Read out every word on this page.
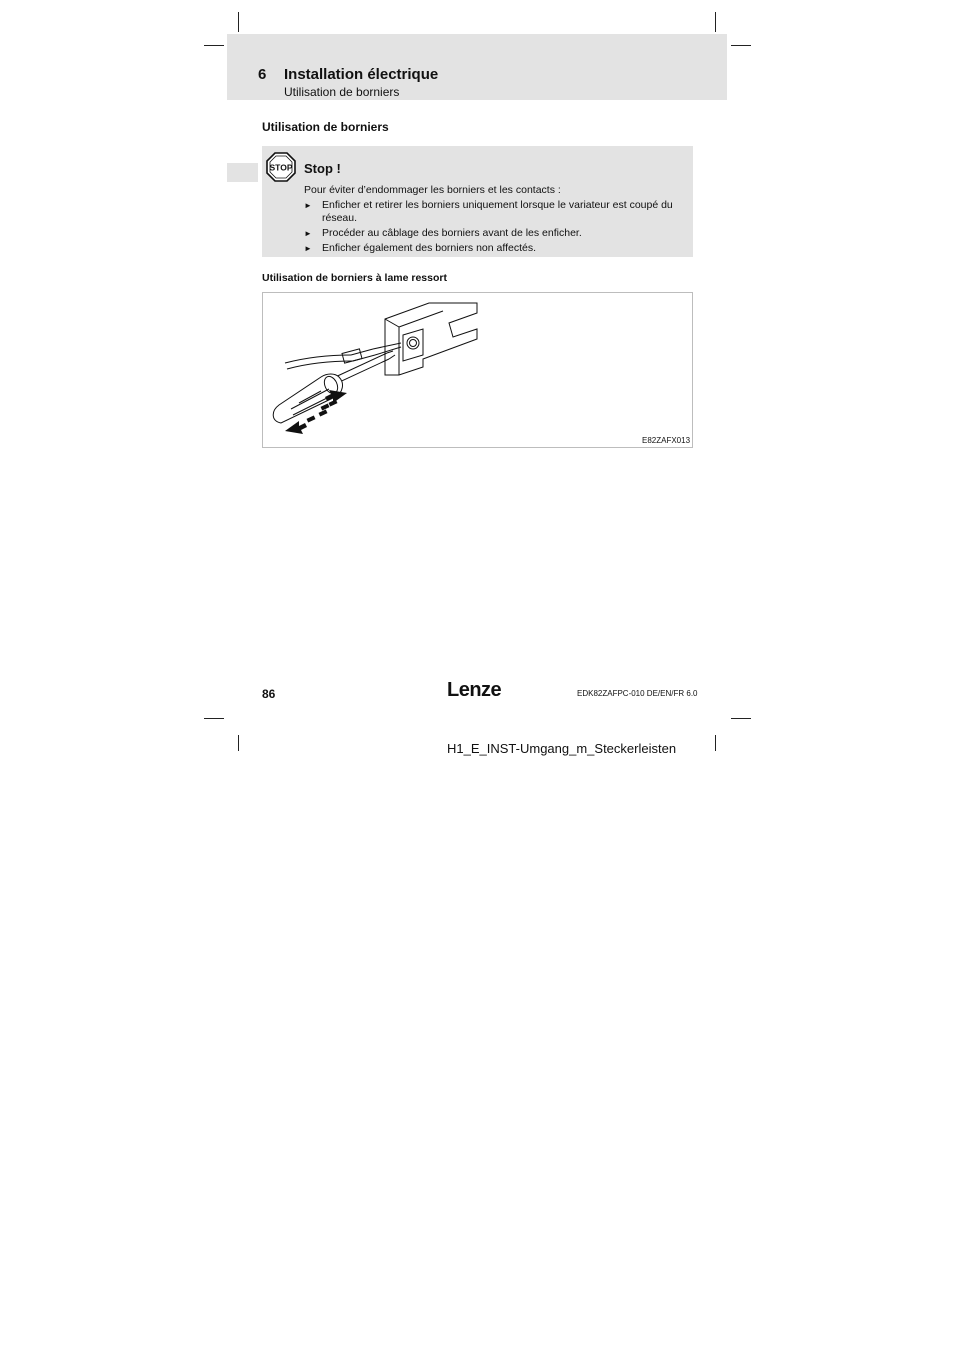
6 Installation électrique
Utilisation de borniers
Utilisation de borniers
STOP Stop !
Pour éviter d’endommager les borniers et les contacts :
► Enficher et retirer les borniers uniquement lorsque le variateur est coupé du réseau.
► Procéder au câblage des borniers avant de les enficher.
► Enficher également des borniers non affectés.
Utilisation de borniers à lame ressort
E82ZAFX013
86	Lenze	EDK82ZAFPC-010 DE/EN/FR 6.0
H1_E_INST-Umgang_m_Steckerleisten
